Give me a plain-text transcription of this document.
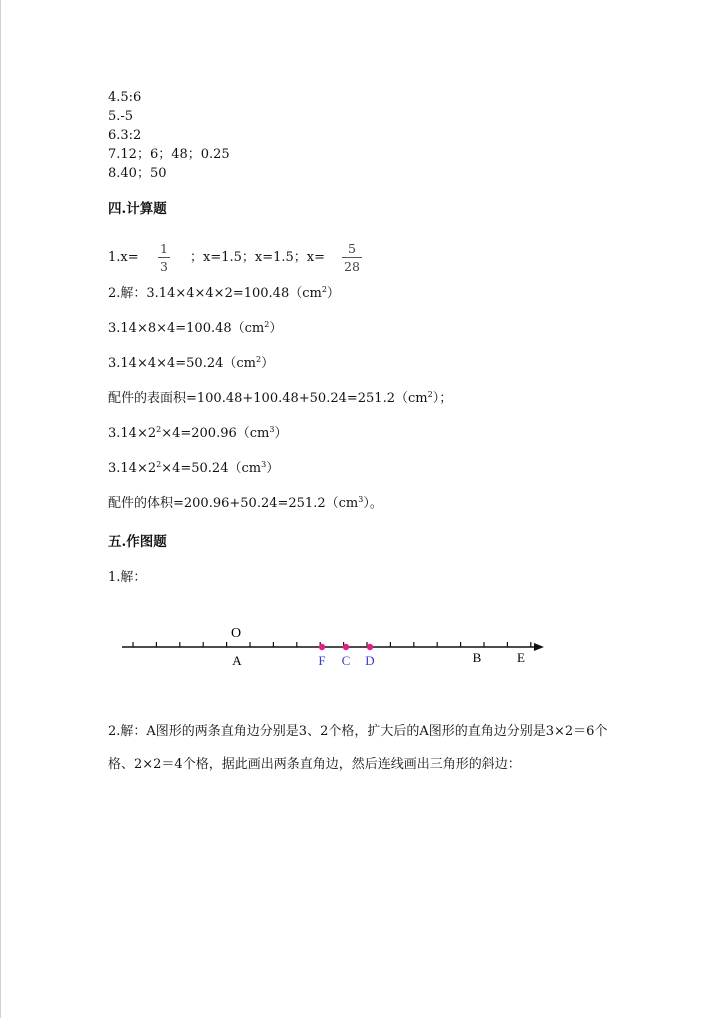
4.5:6
5.-5
6.3:2
7.12；6；48；0.25
8.40；50
四.计算题
1.x=
1
3
；x=1.5；x=1.5；x=
5
28
2.解：$3.14\times 4\times 4\times 2=100.48(cm^2)$
$3.14\times 8\times 4=100.48(cm^2)$
$3.14\times 4\times 4=50.24(cm^2)$
配件的表面积$=100.48+100.48+50.24=251.2(cm^2)$；
$3.14\times 2^2\times 4=200.96(cm^3)$
$3.14\times 2^2\times 4=50.24(cm^3)$
配件的体积$=200.96+50.24=251.2(cm^3)$。
五.作图题
1.解：
O
A	F C D	B	E
2.解：A图形的两条直角边分别是3、2个格，扩大后的A图形的直角边分别是3×2＝6个格、2×2＝4个格，据此画出两条直角边，然后连线画出三角形的斜边：
